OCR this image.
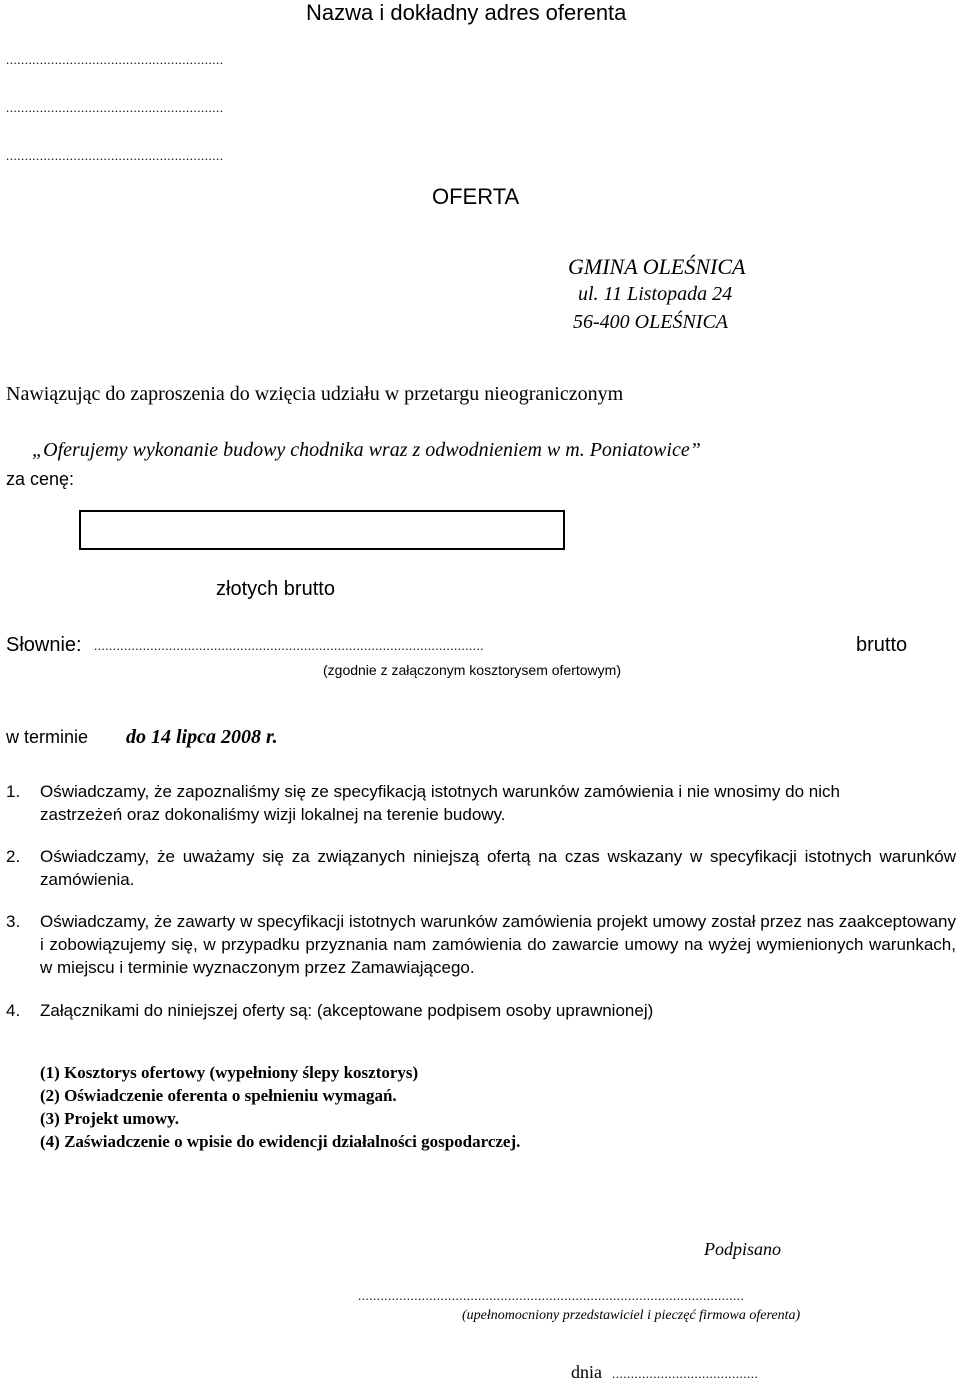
Nazwa i dokładny adres oferenta
..........................................................
..........................................................
..........................................................
OFERTA
GMINA OLEŚNICA
ul. 11 Listopada 24
56-400 OLEŚNICA
Nawiązując do zaproszenia do wzięcia udziału w przetargu nieograniczonym
„Oferujemy wykonanie budowy chodnika wraz z odwodnieniem w m. Poniatowice”
za cenę:
złotych brutto
Słownie: ........................................................................................................	brutto
(zgodnie z załączonym kosztorysem ofertowym)
w terminie do 14 lipca 2008 r.
1. Oświadczamy, że zapoznaliśmy się ze specyfikacją istotnych warunków zamówienia i nie wnosimy do nich zastrzeżeń oraz dokonaliśmy wizji lokalnej na terenie budowy.
2. Oświadczamy, że uważamy się za związanych niniejszą ofertą na czas wskazany w specyfikacji istotnych warunków zamówienia.
3. Oświadczamy, że zawarty w specyfikacji istotnych warunków zamówienia projekt umowy został przez nas zaakceptowany i zobowiązujemy się, w przypadku przyznania nam zamówienia do zawarcie umowy na wyżej wymienionych warunkach, w miejscu i terminie wyznaczonym przez Zamawiającego.
4. Załącznikami do niniejszej oferty są: (akceptowane podpisem osoby uprawnionej)
(1) Kosztorys ofertowy (wypełniony ślepy kosztorys)
(2) Oświadczenie oferenta o spełnieniu wymagań.
(3) Projekt umowy.
(4) Zaświadczenie o wpisie do ewidencji działalności gospodarczej.
Podpisano
.......................................................................................................
(upełnomocniony przedstawiciel i pieczęć firmowa oferenta)
dnia .......................................
